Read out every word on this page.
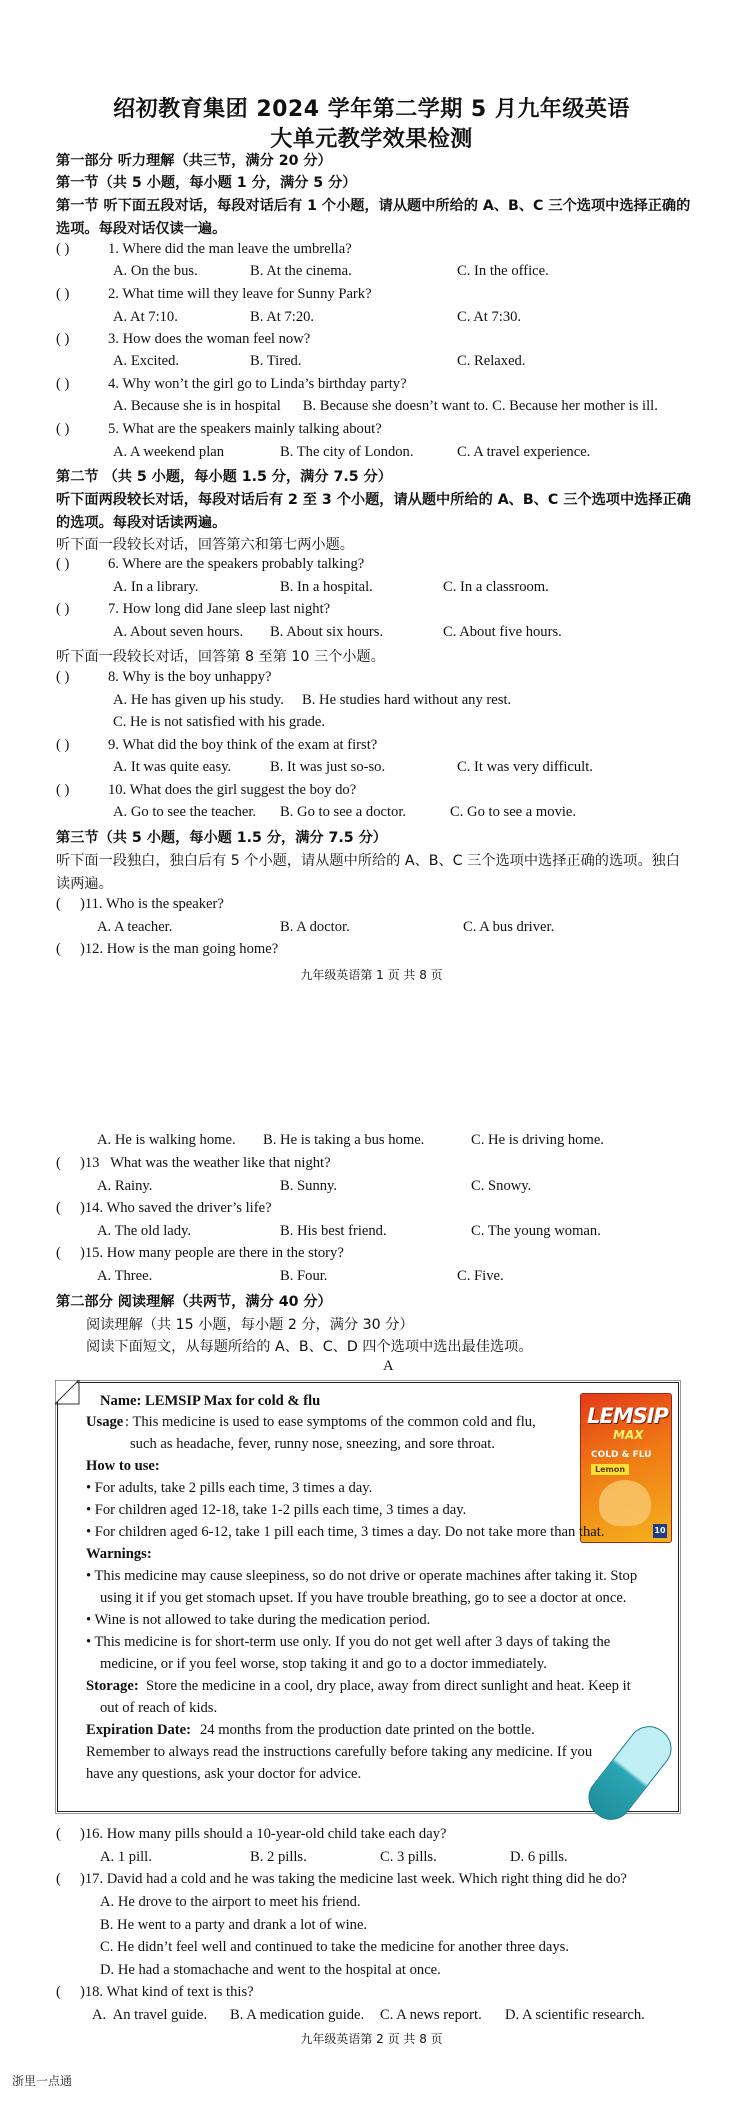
绍初教育集团 2024 学年第二学期 5 月九年级英语
大单元教学效果检测
第一部分 听力理解（共三节，满分 20 分）
第一节（共 5 小题，每小题 1 分，满分 5 分）
第一节 听下面五段对话，每段对话后有 1 个小题，请从题中所给的 A、B、C 三个选项中选择正确的
选项。每段对话仅读一遍。
( )	1. Where did the man leave the umbrella?
A. On the bus.	B. At the cinema.	C. In the office.
( )	2. What time will they leave for Sunny Park?
A. At 7:10.	B. At 7:20.	C. At 7:30.
( )	3. How does the woman feel now?
A. Excited.	B. Tired.	C. Relaxed.
( )	4. Why won’t the girl go to Linda’s birthday party?
A. Because she is in hospital      B. Because she doesn’t want to. C. Because her mother is ill.
( )	5. What are the speakers mainly talking about?
A. A weekend plan	B. The city of London.	C. A travel experience.
第二节 （共 5 小题，每小题 1.5 分，满分 7.5 分）
听下面两段较长对话，每段对话后有 2 至 3 个小题，请从题中所给的 A、B、C 三个选项中选择正确
的选项。每段对话读两遍。
听下面一段较长对话，回答第六和第七两小题。
( )	6. Where are the speakers probably talking?
A. In a library.	B. In a hospital.	C. In a classroom.
( )	7. How long did Jane sleep last night?
A. About seven hours. B. About six hours.	C. About five hours.
听下面一段较长对话，回答第 8 至第 10 三个小题。
( )	8. Why is the boy unhappy?
A. He has given up his study. B. He studies hard without any rest.
C. He is not satisfied with his grade.
( )	9. What did the boy think of the exam at first?
A. It was quite easy.	B. It was just so-so.	C. It was very difficult.
( )	10. What does the girl suggest the boy do?
A. Go to see the teacher. B. Go to see a doctor.	C. Go to see a movie.
第三节（共 5 小题，每小题 1.5 分，满分 7.5 分）
听下面一段独白，独白后有 5 个小题，请从题中所给的 A、B、C 三个选项中选择正确的选项。独白
读两遍。
(
)11. Who is the speaker?
A. A teacher.	B. A doctor.	C. A bus driver.
(
)12. How is the man going home?
九年级英语第 1 页 共 8 页
A. He is walking home. B. He is taking a bus home.	C. He is driving home.
(
)13   What was the weather like that night?
A. Rainy.	B. Sunny.	C. Snowy.
(
)14. Who saved the driver’s life?
A. The old lady.	B. His best friend.	C. The young woman.
(
)15. How many people are there in the story?
A. Three.	B. Four.	C. Five.
第二部分 阅读理解（共两节，满分 40 分）
阅读理解（共 15 小题，每小题 2 分，满分 30 分）
阅读下面短文，从每题所给的 A、B、C、D 四个选项中选出最佳选项。
A
LEMSIP
MAX
COLD & FLU
Lemon
10
Name: LEMSIP Max for cold & flu
Usage : This medicine is used to ease symptoms of the common cold and flu,
such as headache, fever, runny nose, sneezing, and sore throat.
How to use:
• For adults, take 2 pills each time, 3 times a day.
• For children aged 12-18, take 1-2 pills each time, 3 times a day.
• For children aged 6-12, take 1 pill each time, 3 times a day. Do not take more than that.
Warnings:
• This medicine may cause sleepiness, so do not drive or operate machines after taking it. Stop
using it if you get stomach upset. If you have trouble breathing, go to see a doctor at once.
• Wine is not allowed to take during the medication period.
• This medicine is for short-term use only. If you do not get well after 3 days of taking the
medicine, or if you feel worse, stop taking it and go to a doctor immediately.
Storage: Store the medicine in a cool, dry place, away from direct sunlight and heat. Keep it
out of reach of kids.
Expiration Date: 24 months from the production date printed on the bottle.
Remember to always read the instructions carefully before taking any medicine. If you
have any questions, ask your doctor for advice.
(
)16. How many pills should a 10-year-old child take each day?
A. 1 pill.	B. 2 pills.	C. 3 pills.	D. 6 pills.
(
)17. David had a cold and he was taking the medicine last week. Which right thing did he do?
A. He drove to the airport to meet his friend.
B. He went to a party and drank a lot of wine.
C. He didn’t feel well and continued to take the medicine for another three days.
D. He had a stomachache and went to the hospital at once.
(
)18. What kind of text is this?
A.  An travel guide. B. A medication guide. C. A news report. D. A scientific research.
九年级英语第 2 页 共 8 页
浙里一点通
